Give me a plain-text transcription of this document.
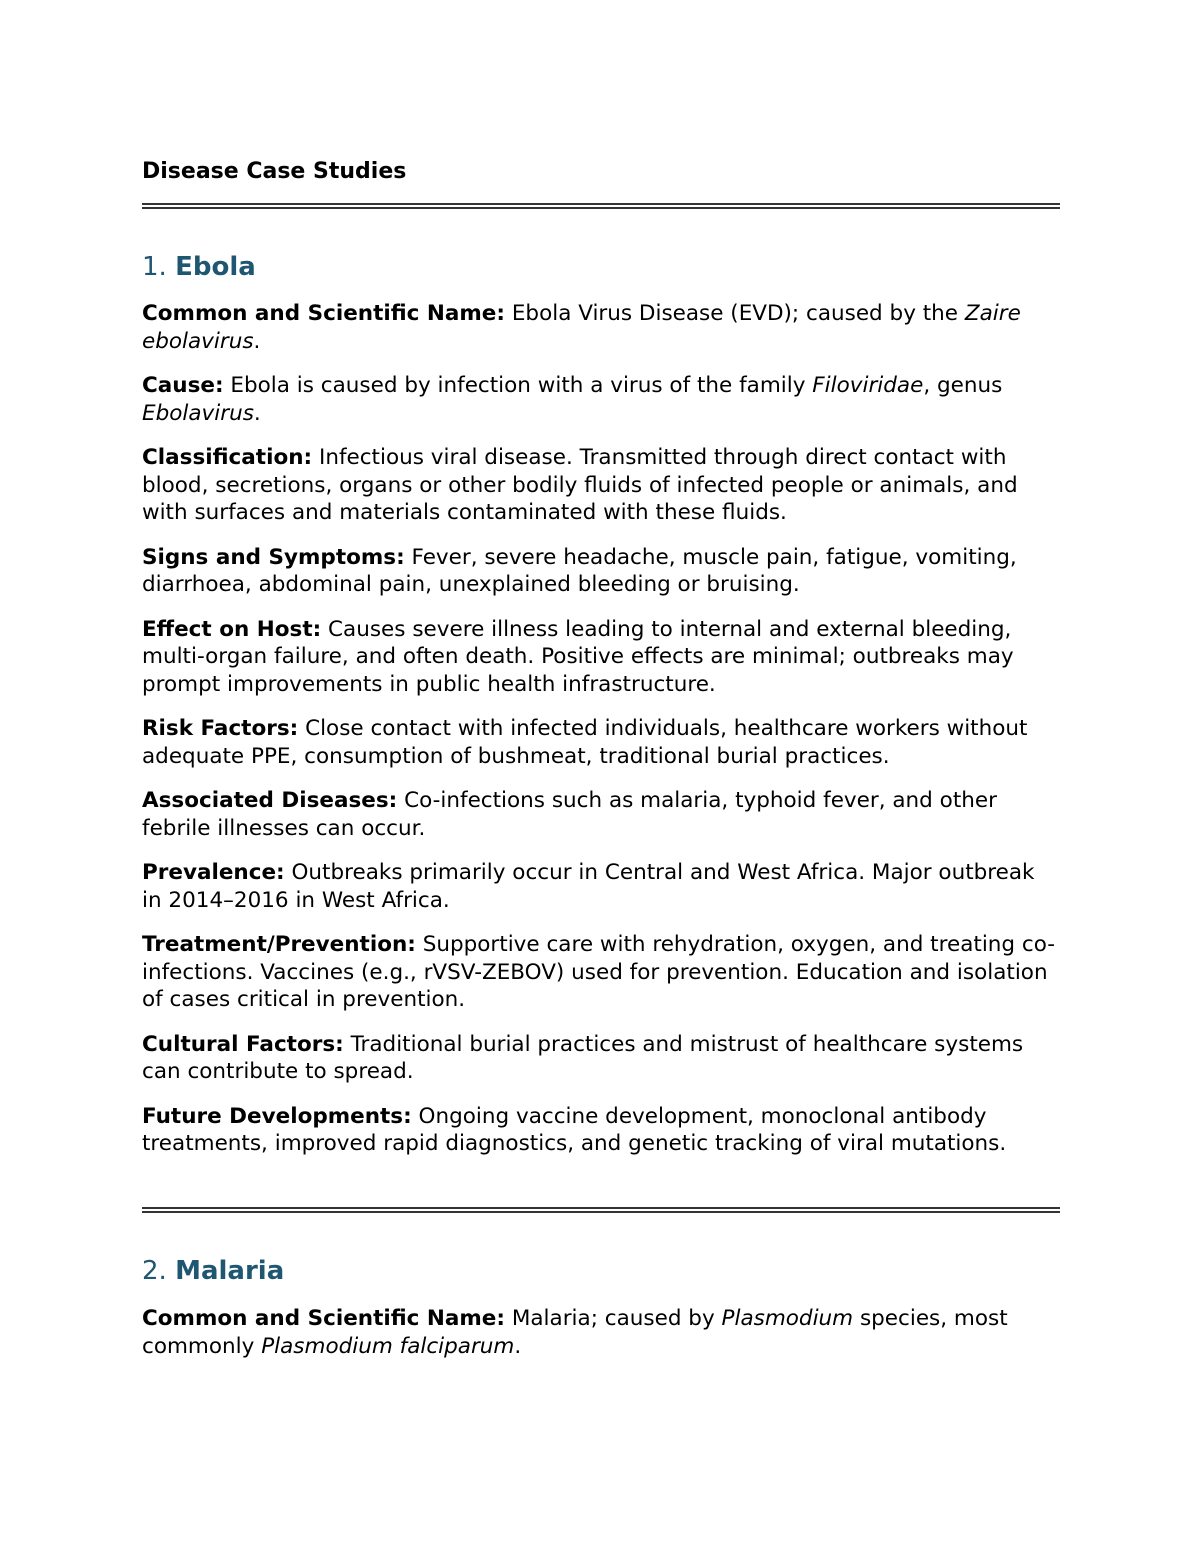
Disease Case Studies
1. Ebola

Common and Scientific Name: Ebola Virus Disease (EVD); caused by the Zaire ebolavirus.

Cause: Ebola is caused by infection with a virus of the family Filoviridae, genus Ebolavirus.

Classification: Infectious viral disease. Transmitted through direct contact with blood, secretions, organs or other bodily fluids of infected people or animals, and with surfaces and materials contaminated with these fluids.

Signs and Symptoms: Fever, severe headache, muscle pain, fatigue, vomiting, diarrhoea, abdominal pain, unexplained bleeding or bruising.

Effect on Host: Causes severe illness leading to internal and external bleeding, multi-organ failure, and often death. Positive effects are minimal; outbreaks may prompt improvements in public health infrastructure.

Risk Factors: Close contact with infected individuals, healthcare workers without adequate PPE, consumption of bushmeat, traditional burial practices.

Associated Diseases: Co-infections such as malaria, typhoid fever, and other febrile illnesses can occur.

Prevalence: Outbreaks primarily occur in Central and West Africa. Major outbreak in 2014–2016 in West Africa.

Treatment/Prevention: Supportive care with rehydration, oxygen, and treating co-infections. Vaccines (e.g., rVSV-ZEBOV) used for prevention. Education and isolation of cases critical in prevention.

Cultural Factors: Traditional burial practices and mistrust of healthcare systems can contribute to spread.

Future Developments: Ongoing vaccine development, monoclonal antibody treatments, improved rapid diagnostics, and genetic tracking of viral mutations.

2. Malaria

Common and Scientific Name: Malaria; caused by Plasmodium species, most commonly Plasmodium falciparum.
